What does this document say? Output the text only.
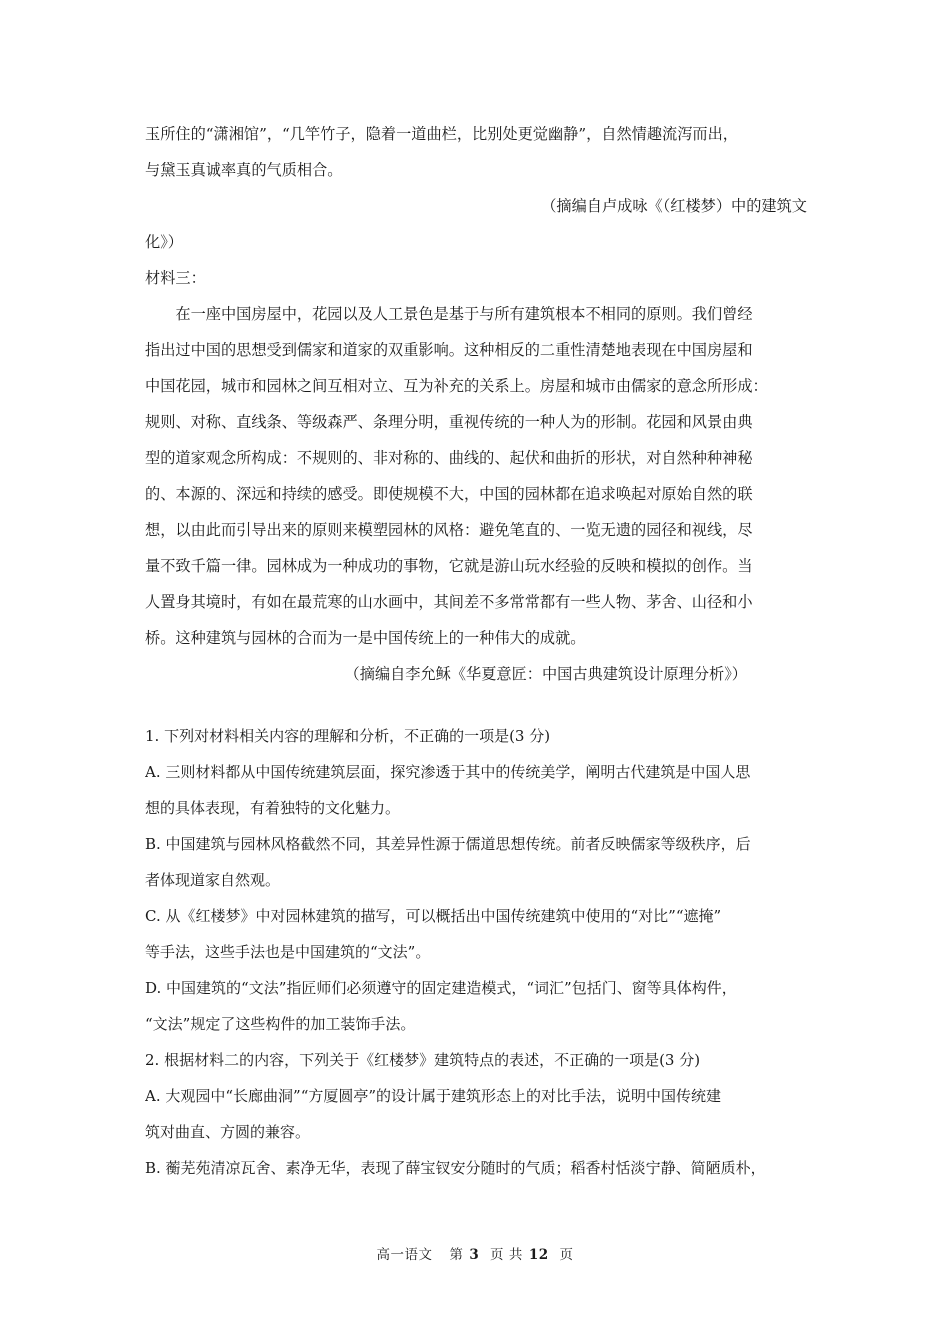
玉所住的“潇湘馆”，“几竿竹子，隐着一道曲栏，比别处更觉幽静”，自然情趣流泻而出，
与黛玉真诚率真的气质相合。
（摘编自卢成咏《（红楼梦）中的建筑文
化》）
材料三：
在一座中国房屋中，花园以及人工景色是基于与所有建筑根本不相同的原则。我们曾经
指出过中国的思想受到儒家和道家的双重影响。这种相反的二重性清楚地表现在中国房屋和
中国花园，城市和园林之间互相对立、互为补充的关系上。房屋和城市由儒家的意念所形成：
规则、对称、直线条、等级森严、条理分明，重视传统的一种人为的形制。花园和风景由典
型的道家观念所构成：不规则的、非对称的、曲线的、起伏和曲折的形状，对自然种种神秘
的、本源的、深远和持续的感受。即使规模不大，中国的园林都在追求唤起对原始自然的联
想，以由此而引导出来的原则来模塑园林的风格：避免笔直的、一览无遗的园径和视线，尽
量不致千篇一律。园林成为一种成功的事物，它就是游山玩水经验的反映和模拟的创作。当
人置身其境时，有如在最荒寒的山水画中，其间差不多常常都有一些人物、茅舍、山径和小
桥。这种建筑与园林的合而为一是中国传统上的一种伟大的成就。
（摘编自李允稣《华夏意匠：中国古典建筑设计原理分析》）
1. 下列对材料相关内容的理解和分析，不正确的一项是(3 分)
A. 三则材料都从中国传统建筑层面，探究渗透于其中的传统美学，阐明古代建筑是中国人思
想的具体表现，有着独特的文化魅力。
B. 中国建筑与园林风格截然不同，其差异性源于儒道思想传统。前者反映儒家等级秩序，后
者体现道家自然观。
C. 从《红楼梦》中对园林建筑的描写，可以概括出中国传统建筑中使用的“对比”“遮掩”
等手法，这些手法也是中国建筑的“文法”。
D. 中国建筑的“文法”指匠师们必须遵守的固定建造模式，“词汇”包括门、窗等具体构件，
“文法”规定了这些构件的加工装饰手法。
2. 根据材料二的内容，下列关于《红楼梦》建筑特点的表述，不正确的一项是(3 分)
A. 大观园中“长廊曲洞”“方厦圆亭”的设计属于建筑形态上的对比手法，说明中国传统建
筑对曲直、方圆的兼容。
B. 蘅芜苑清凉瓦舍、素净无华，表现了薛宝钗安分随时的气质；稻香村恬淡宁静、简陋质朴，
高一语文 第 3 页 共 12 页
